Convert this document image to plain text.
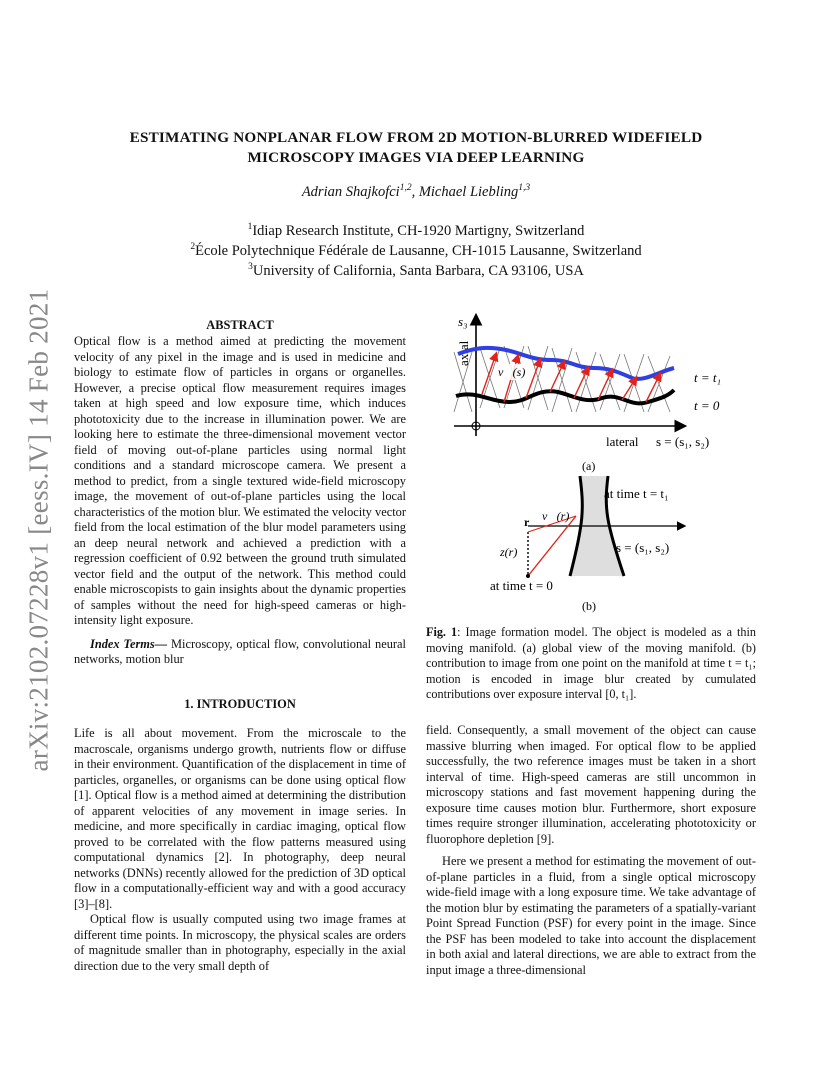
arXiv:2102.07228v1 [eess.IV] 14 Feb 2021
ESTIMATING NONPLANAR FLOW FROM 2D MOTION-BLURRED WIDEFIELD
MICROSCOPY IMAGES VIA DEEP LEARNING
Adrian Shajkofci$^{1,2}$, Michael Liebling$^{1,3}$
$^1$Idiap Research Institute, CH-1920 Martigny, Switzerland
$^2$École Polytechnique Fédérale de Lausanne, CH-1015 Lausanne, Switzerland
$^3$University of California, Santa Barbara, CA 93106, USA
ABSTRACT

Optical flow is a method aimed at predicting the movement velocity of any pixel in the image and is used in medicine and biology to estimate flow of particles in organs or organelles. However, a precise optical flow measurement requires images taken at high speed and low exposure time, which induces phototoxicity due to the increase in illumination power. We are looking here to estimate the three-dimensional movement vector field of moving out-of-plane particles using normal light conditions and a standard microscope camera. We present a method to predict, from a single textured wide-field microscopy image, the movement of out-of-plane particles using the local characteristics of the motion blur. We estimated the velocity vector field from the local estimation of the blur model parameters using an deep neural network and achieved a prediction with a regression coefficient of 0.92 between the ground truth simulated vector field and the output of the network. This method could enable microscopists to gain insights about the dynamic properties of samples without the need for high-speed cameras or high-intensity light exposure.

Index Terms— Microscopy, optical flow, convolutional neural networks, motion blur

1. INTRODUCTION

Life is all about movement. From the microscale to the macroscale, organisms undergo growth, nutrients flow or diffuse in their environment. Quantification of the displacement in time of particles, organelles, or organisms can be done using optical flow [1]. Optical flow is a method aimed at determining the distribution of apparent velocities of any movement in image series. In medicine, and more specifically in cardiac imaging, optical flow proved to be correlated with the flow patterns measured using computational dynamics [2]. In photography, deep neural networks (DNNs) recently allowed for the prediction of 3D optical flow in a computationally-efficient way and with a good accuracy [3]–[8].

Optical flow is usually computed using two image frames at different time points. In microscopy, the physical scales are orders of magnitude smaller than in photography, especially in the axial direction due to the very small depth of

s₃
axial
v⃗(s)	t = t₁
t = 0
lateral s = (s₁, s₂)
(a)
r v⃗(r)
z(r)
at time t = t₁
s = (s₁, s₂)
at time t = 0
(b)
Fig. 1: Image formation model. The object is modeled as a thin moving manifold. (a) global view of the moving manifold. (b) contribution to image from one point on the manifold at time t = t₁; motion is encoded in image blur created by cumulated contributions over exposure interval [0, t₁].

field. Consequently, a small movement of the object can cause massive blurring when imaged. For optical flow to be applied successfully, the two reference images must be taken in a short interval of time. High-speed cameras are still uncommon in microscopy stations and fast movement happening during the exposure time causes motion blur. Furthermore, short exposure times require stronger illumination, accelerating phototoxicity or fluorophore depletion [9].

Here we present a method for estimating the movement of out-of-plane particles in a fluid, from a single optical microscopy wide-field image with a long exposure time. We take advantage of the motion blur by estimating the parameters of a spatially-variant Point Spread Function (PSF) for every point in the image. Since the PSF has been modeled to take into account the displacement in both axial and lateral directions, we are able to extract from the input image a three-dimensional
